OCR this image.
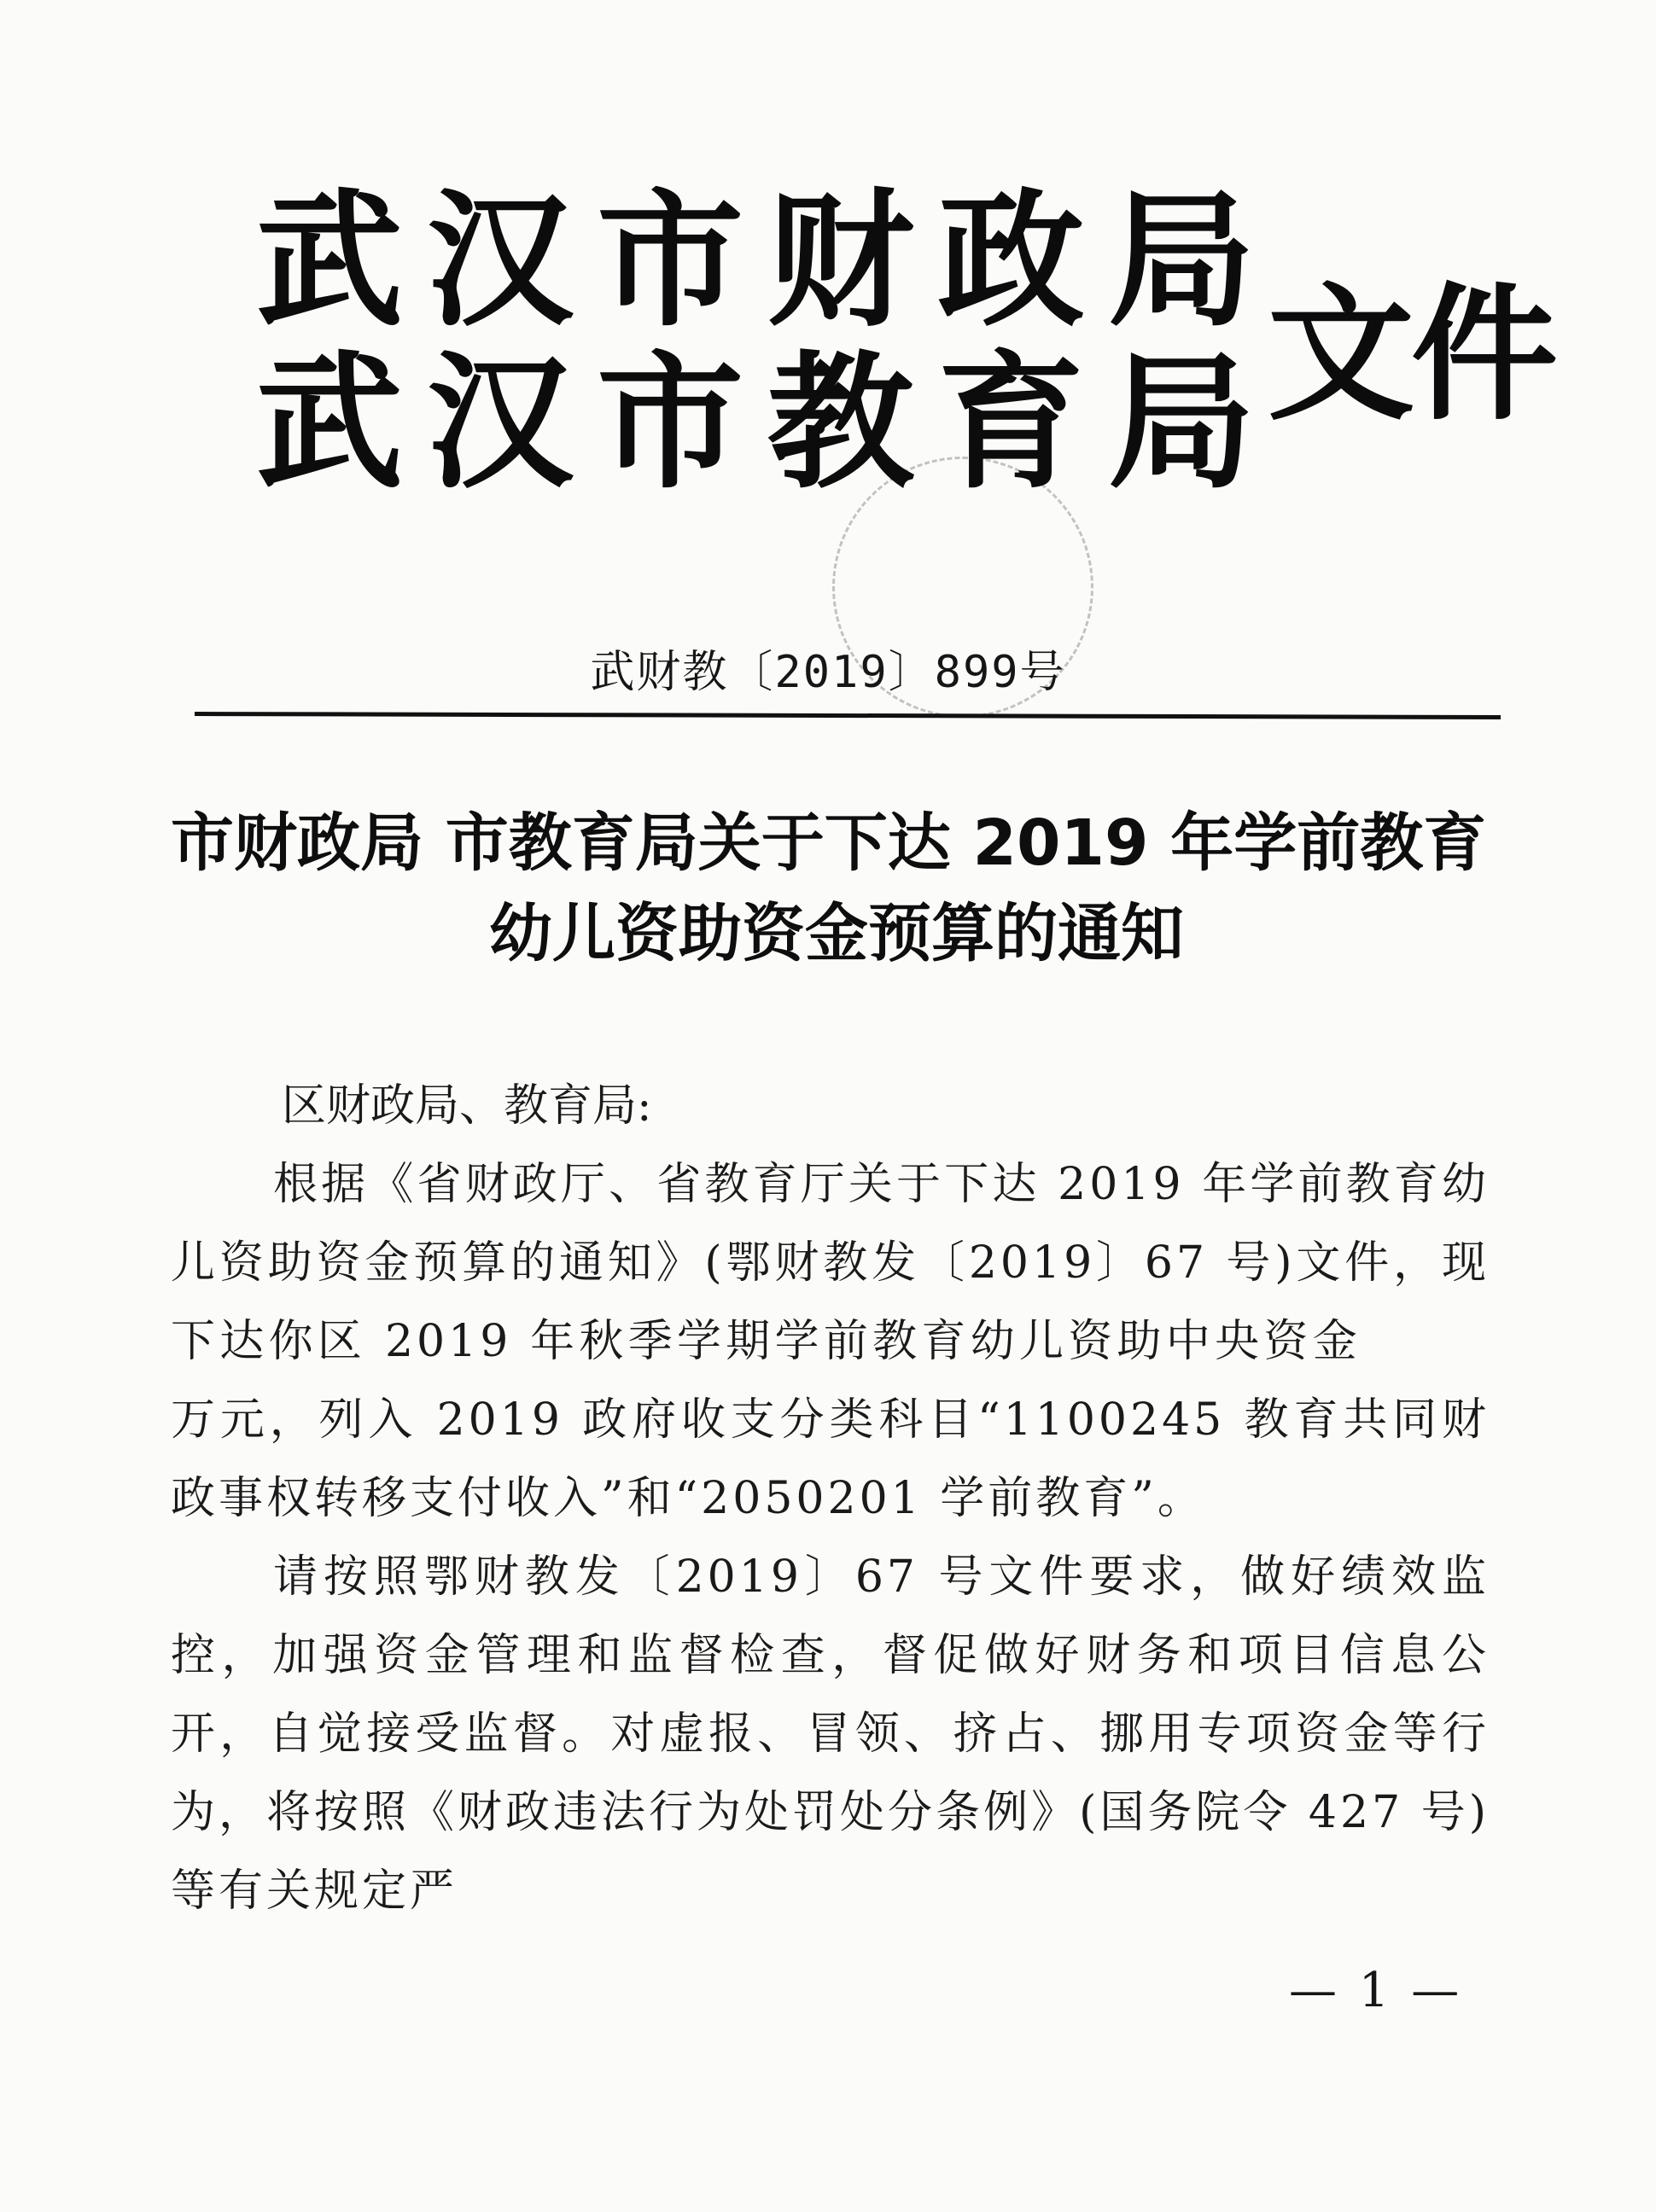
武 汉 市 财 政 局
武 汉 市 教 育 局 文件
武财教〔2019〕899号
市财政局 市教育局关于下达 2019 年学前教育
幼儿资助资金预算的通知

区财政局、教育局:

根据《省财政厅、省教育厅关于下达 2019 年学前教育幼儿资助资金预算的通知》(鄂财教发〔2019〕67 号)文件，现下达你区 2019 年秋季学期学前教育幼儿资助中央资金万元，列入 2019 政府收支分类科目“1100245 教育共同财政事权转移支付收入”和“2050201 学前教育”。

请按照鄂财教发〔2019〕67 号文件要求，做好绩效监控，加强资金管理和监督检查，督促做好财务和项目信息公开，自觉接受监督。对虚报、冒领、挤占、挪用专项资金等行为，将按照《财政违法行为处罚处分条例》(国务院令 427 号)等有关规定严

— 1 —
